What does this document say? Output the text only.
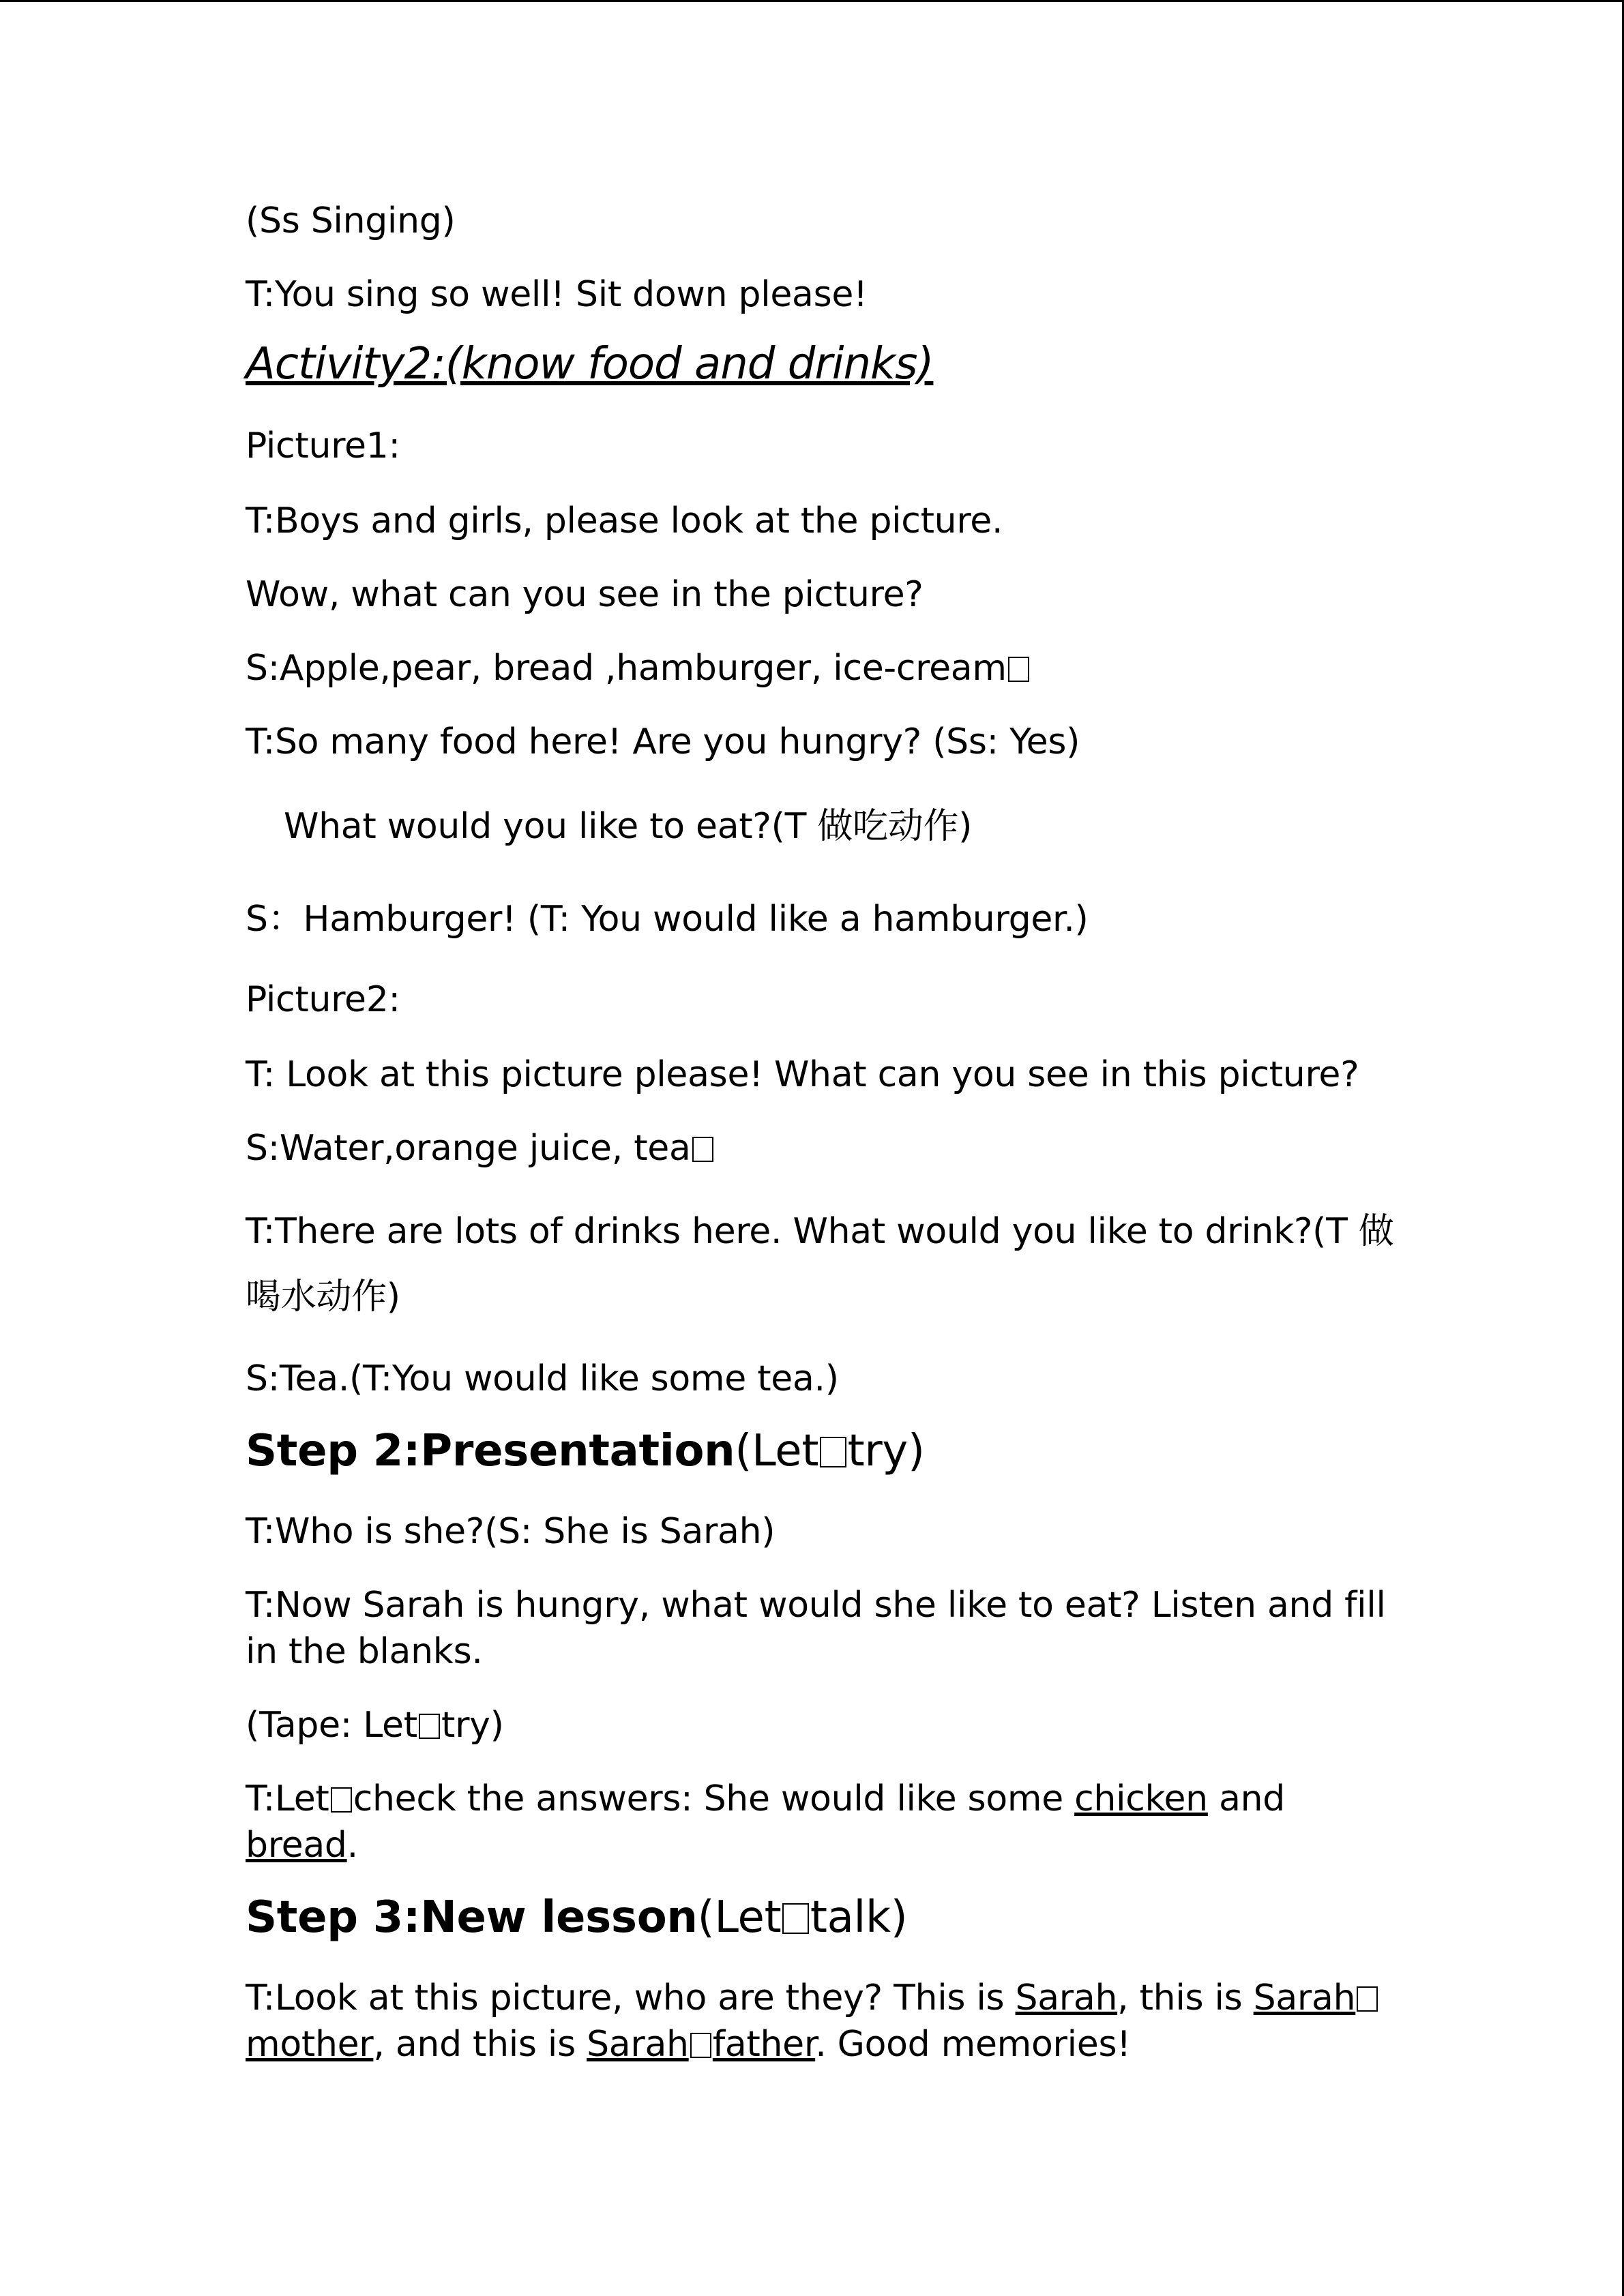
(Ss Singing)
T:You sing so well! Sit down please!
Activity2:(know food and drinks)
Picture1:
T:Boys and girls, please look at the picture.
Wow, what can you see in the picture?
S:Apple,pear, bread ,hamburger, ice-cream
T:So many food here! Are you hungry? (Ss: Yes)
What would you like to eat?(T 做吃动作)
S：Hamburger! (T: You would like a hamburger.)
Picture2:
T: Look at this picture please! What can you see in this picture?
S:Water,orange juice, tea
T:There are lots of drinks here. What would you like to drink?(T 做
喝水动作)
S:Tea.(T:You would like some tea.)
Step 2:Presentation(Let try)
T:Who is she?(S: She is Sarah)
T:Now Sarah is hungry, what would she like to eat? Listen and fill
in the blanks.
(Tape: Let try)
T:Let check the answers: She would like some chicken and
bread.
Step 3:New lesson(Let talk)
T:Look at this picture, who are they? This is Sarah, this is Sarah
mother, and this is Sarah father. Good memories!
